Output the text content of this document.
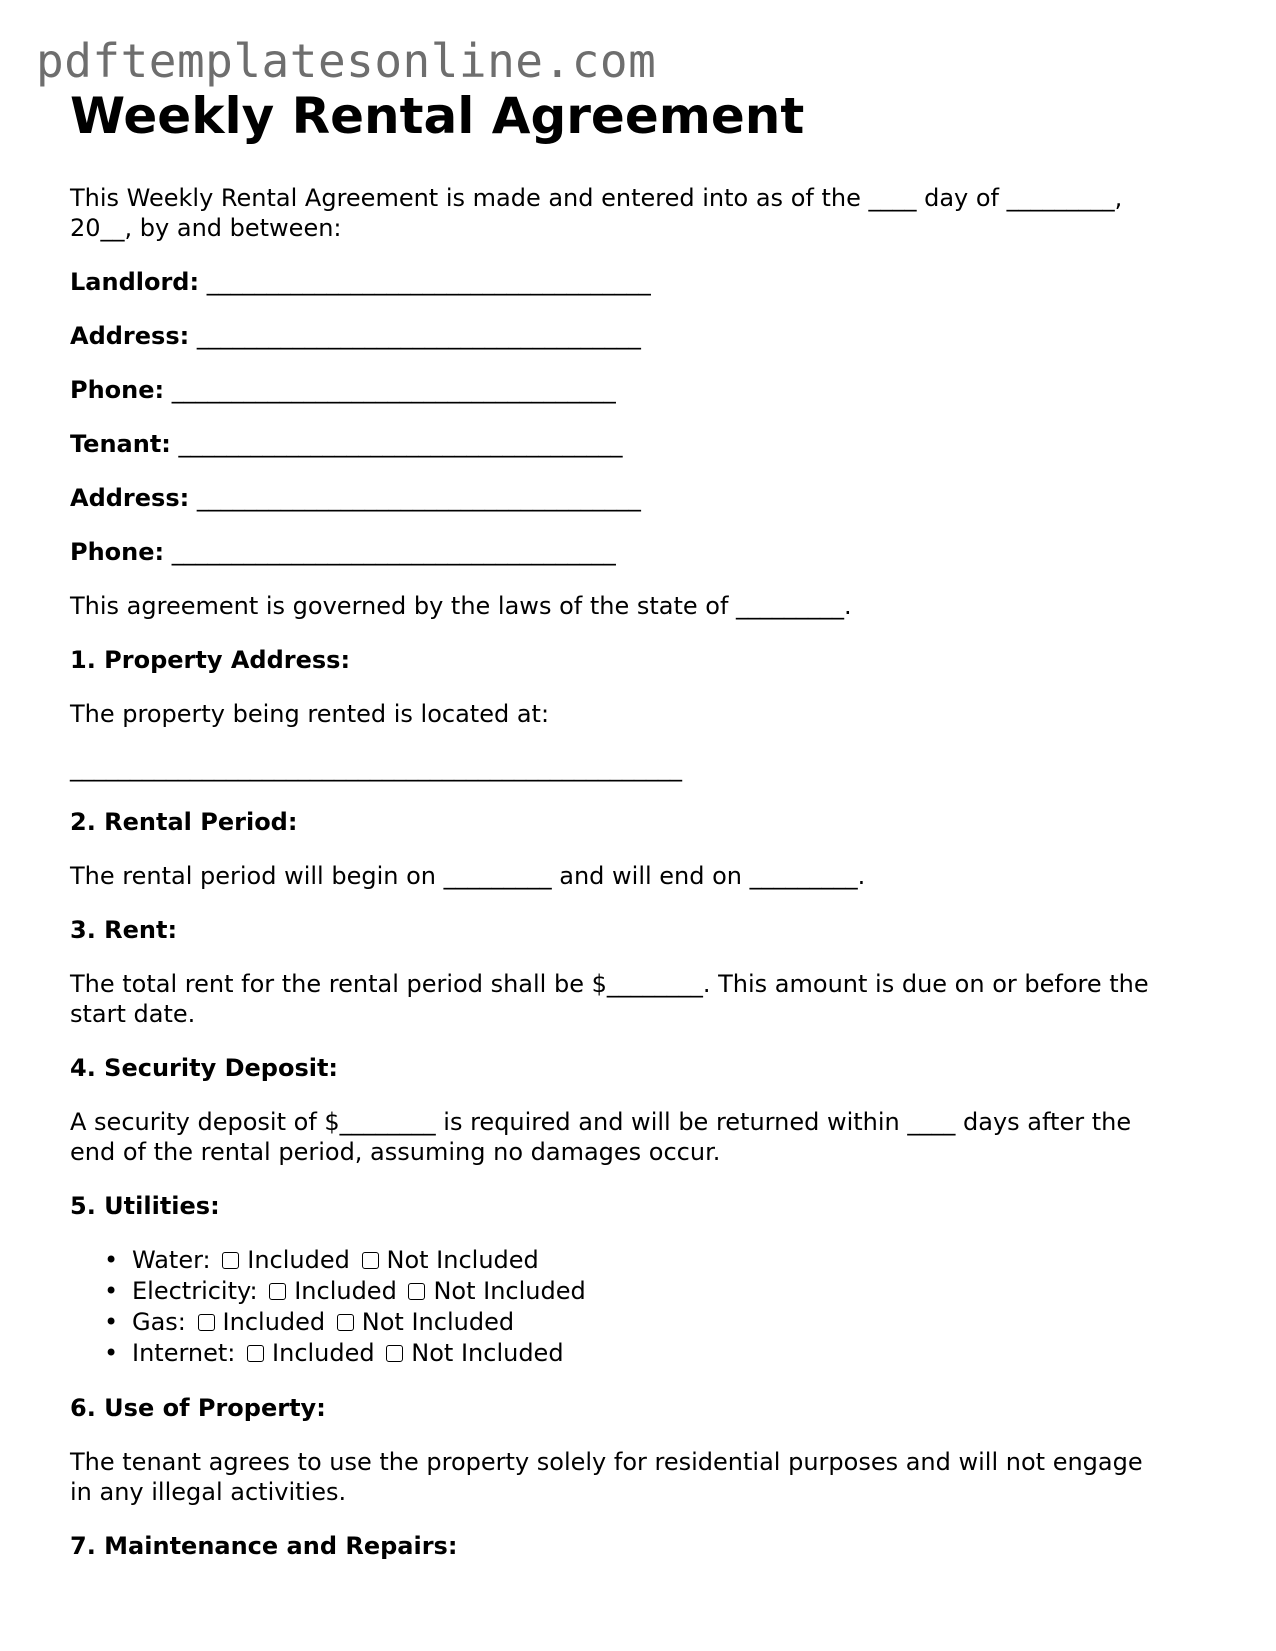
pdftemplatesonline.com
Weekly Rental Agreement
This Weekly Rental Agreement is made and entered into as of the ____ day of _________,
20__, by and between:
Landlord: _____________________________________
Address: _____________________________________
Phone: _____________________________________
Tenant: _____________________________________
Address: _____________________________________
Phone: _____________________________________
This agreement is governed by the laws of the state of _________.
1. Property Address:
The property being rented is located at:
___________________________________________________
2. Rental Period:
The rental period will begin on _________ and will end on _________.
3. Rent:
The total rent for the rental period shall be $________. This amount is due on or before the
start date.
4. Security Deposit:
A security deposit of $________ is required and will be returned within ____ days after the
end of the rental period, assuming no damages occur.
5. Utilities:
• Water: Included Not Included
• Electricity: Included Not Included
• Gas: Included Not Included
• Internet: Included Not Included
6. Use of Property:
The tenant agrees to use the property solely for residential purposes and will not engage
in any illegal activities.
7. Maintenance and Repairs:
